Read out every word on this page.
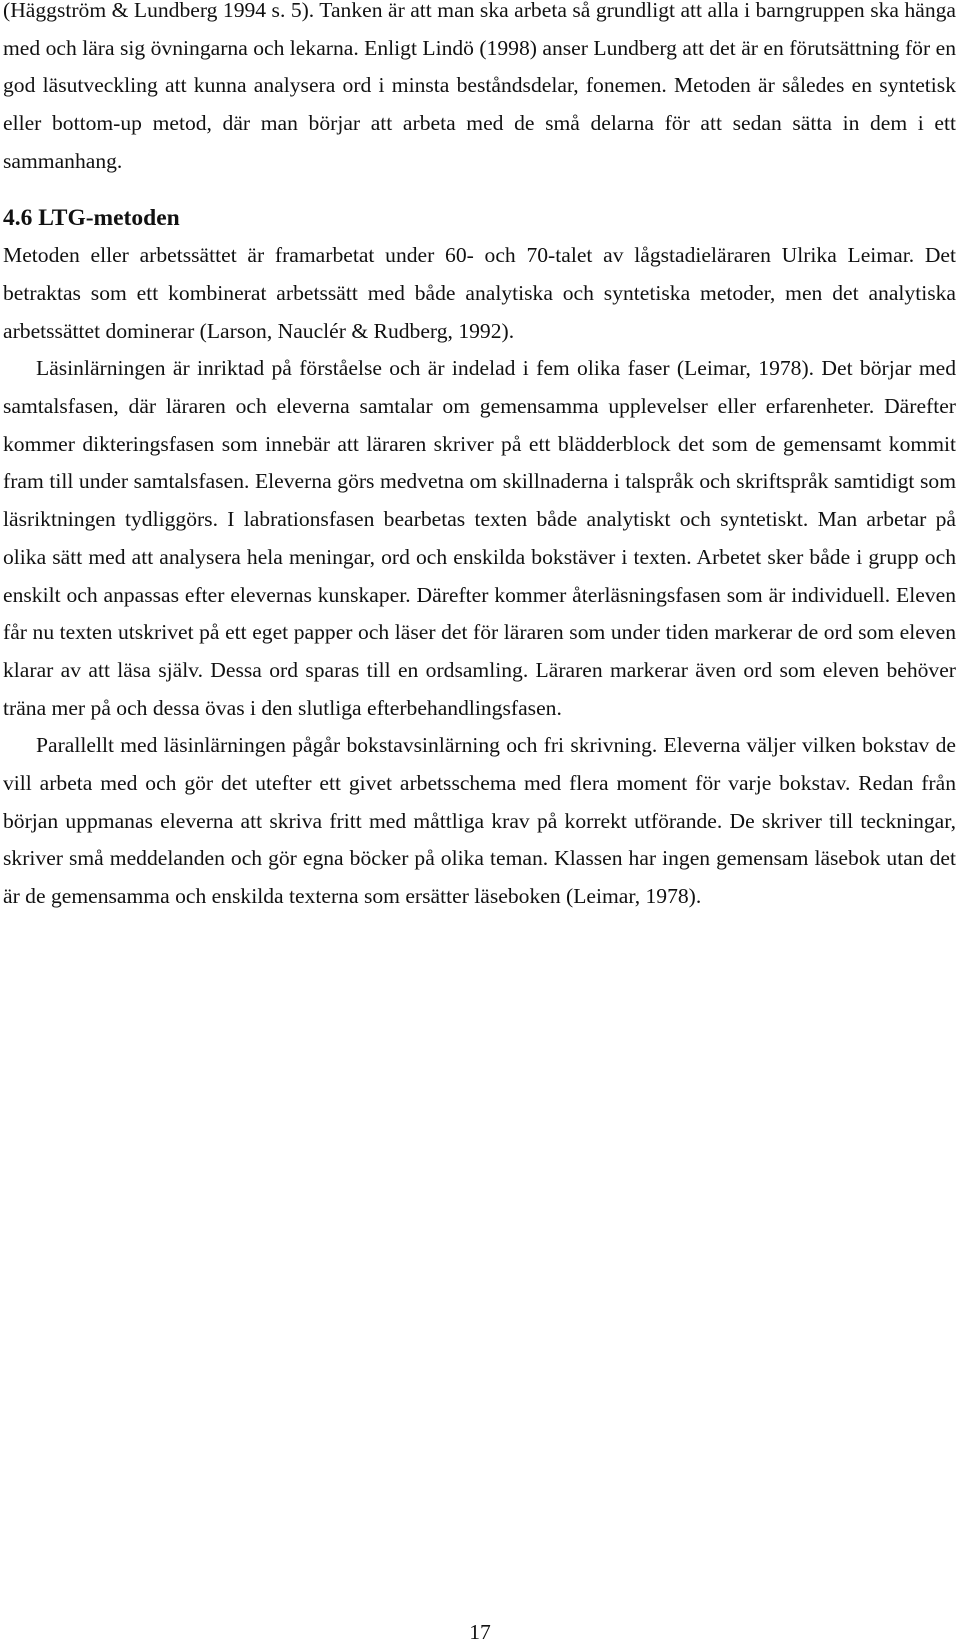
(Häggström & Lundberg 1994 s. 5). Tanken är att man ska arbeta så grundligt att alla i barngruppen ska hänga med och lära sig övningarna och lekarna. Enligt Lindö (1998) anser Lundberg att det är en förutsättning för en god läsutveckling att kunna analysera ord i minsta beståndsdelar, fonemen. Metoden är således en syntetisk eller bottom-up metod, där man börjar att arbeta med de små delarna för att sedan sätta in dem i ett sammanhang.

4.6 LTG-metoden

Metoden eller arbetssättet är framarbetat under 60- och 70-talet av lågstadieläraren Ulrika Leimar. Det betraktas som ett kombinerat arbetssätt med både analytiska och syntetiska metoder, men det analytiska arbetssättet dominerar (Larson, Nauclér & Rudberg, 1992).

Läsinlärningen är inriktad på förståelse och är indelad i fem olika faser (Leimar, 1978). Det börjar med samtalsfasen, där läraren och eleverna samtalar om gemensamma upplevelser eller erfarenheter. Därefter kommer dikteringsfasen som innebär att läraren skriver på ett blädderblock det som de gemensamt kommit fram till under samtalsfasen. Eleverna görs medvetna om skillnaderna i talspråk och skriftspråk samtidigt som läsriktningen tydliggörs. I labrationsfasen bearbetas texten både analytiskt och syntetiskt. Man arbetar på olika sätt med att analysera hela meningar, ord och enskilda bokstäver i texten. Arbetet sker både i grupp och enskilt och anpassas efter elevernas kunskaper. Därefter kommer återläsningsfasen som är individuell. Eleven får nu texten utskrivet på ett eget papper och läser det för läraren som under tiden markerar de ord som eleven klarar av att läsa själv. Dessa ord sparas till en ordsamling. Läraren markerar även ord som eleven behöver träna mer på och dessa övas i den slutliga efterbehandlingsfasen.

Parallellt med läsinlärningen pågår bokstavsinlärning och fri skrivning. Eleverna väljer vilken bokstav de vill arbeta med och gör det utefter ett givet arbetsschema med flera moment för varje bokstav. Redan från början uppmanas eleverna att skriva fritt med måttliga krav på korrekt utförande. De skriver till teckningar, skriver små meddelanden och gör egna böcker på olika teman. Klassen har ingen gemensam läsebok utan det är de gemensamma och enskilda texterna som ersätter läseboken (Leimar, 1978).

17
